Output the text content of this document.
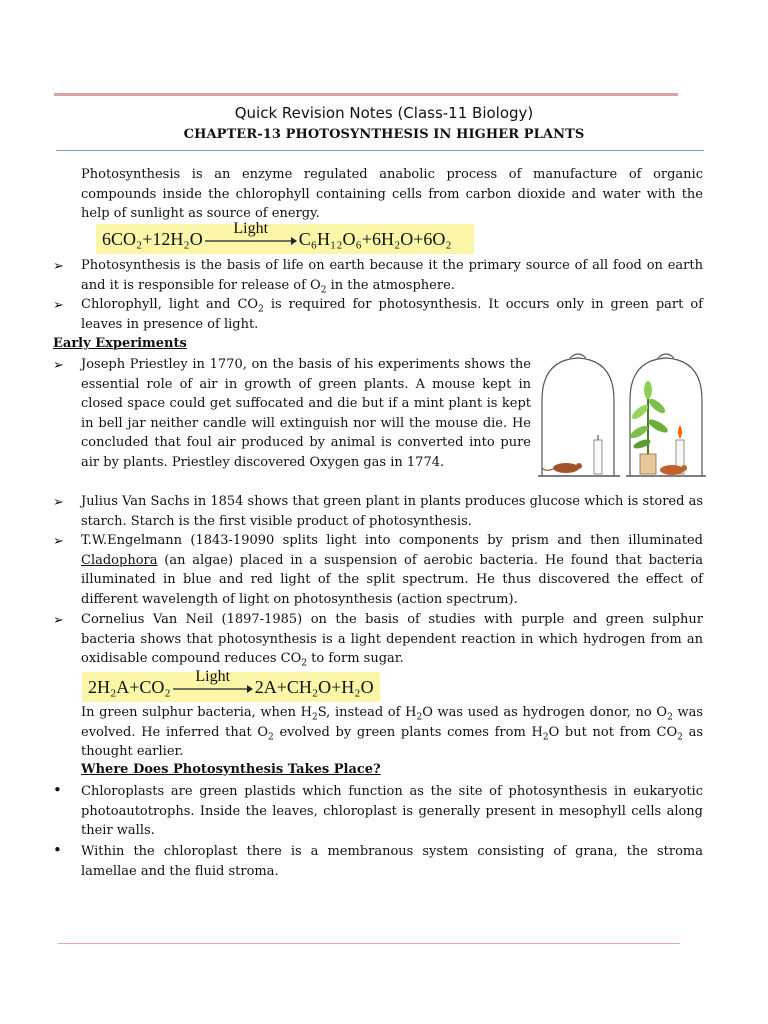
Quick Revision Notes (Class-11 Biology)
CHAPTER-13 PHOTOSYNTHESIS IN HIGHER PLANTS
Photosynthesis is an enzyme regulated anabolic process of manufacture of organic compounds inside the chlorophyll containing cells from carbon dioxide and water with the help of sunlight as source of energy.
6CO₂+12H₂O Light C₆H₁₂O₆+6H₂O+6O₂
➢ Photosynthesis is the basis of life on earth because it the primary source of all food on earth and it is responsible for release of $O_2$ in the atmosphere.
➢ Chlorophyll, light and $CO_2$ is required for photosynthesis. It occurs only in green part of leaves in presence of light.
Early Experiments
➢ Joseph Priestley in 1770, on the basis of his experiments shows the essential role of air in growth of green plants. A mouse kept in closed space could get suffocated and die but if a mint plant is kept in bell jar neither candle will extinguish nor will the mouse die. He concluded that foul air produced by animal is converted into pure air by plants. Priestley discovered Oxygen gas in 1774.
➢ Julius Van Sachs in 1854 shows that green plant in plants produces glucose which is stored as starch. Starch is the first visible product of photosynthesis.
➢ T.W.Engelmann (1843-19090 splits light into components by prism and then illuminated Cladophora (an algae) placed in a suspension of aerobic bacteria. He found that bacteria illuminated in blue and red light of the split spectrum. He thus discovered the effect of different wavelength of light on photosynthesis (action spectrum).
➢ Cornelius Van Neil (1897-1985) on the basis of studies with purple and green sulphur bacteria shows that photosynthesis is a light dependent reaction in which hydrogen from an oxidisable compound reduces $CO_2$ to form sugar.
2H₂A+CO₂ Light 2A+CH₂O+H₂O
In green sulphur bacteria, when $H_2S$, instead of $H_2O$ was used as hydrogen donor, no $O_2$ was evolved. He inferred that $O_2$ evolved by green plants comes from $H_2O$ but not from $CO_2$ as thought earlier.
Where Does Photosynthesis Takes Place?
• Chloroplasts are green plastids which function as the site of photosynthesis in eukaryotic photoautotrophs. Inside the leaves, chloroplast is generally present in mesophyll cells along their walls.
• Within the chloroplast there is a membranous system consisting of grana, the stroma lamellae and the fluid stroma.
